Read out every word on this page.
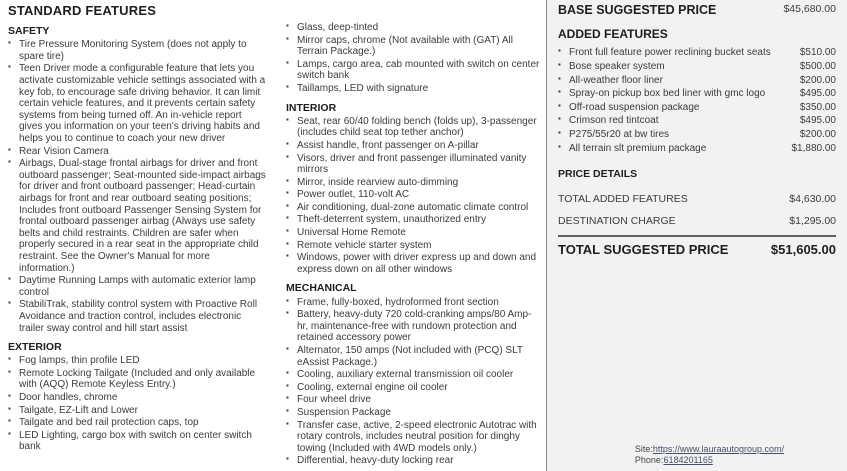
STANDARD FEATURES
SAFETY
▪ Tire Pressure Monitoring System (does not apply to spare tire)
▪ Teen Driver mode a configurable feature that lets you activate customizable vehicle settings associated with a key fob, to encourage safe driving behavior. It can limit certain vehicle features, and it prevents certain safety systems from being turned off. An in-vehicle report gives you information on your teen's driving habits and helps you to continue to coach your new driver
▪ Rear Vision Camera
▪ Airbags, Dual-stage frontal airbags for driver and front outboard passenger; Seat-mounted side-impact airbags for driver and front outboard passenger; Head-curtain airbags for front and rear outboard seating positions; Includes front outboard Passenger Sensing System for frontal outboard passenger airbag (Always use safety belts and child restraints. Children are safer when properly secured in a rear seat in the appropriate child restraint. See the Owner's Manual for more information.)
▪ Daytime Running Lamps with automatic exterior lamp control
▪ StabiliTrak, stability control system with Proactive Roll Avoidance and traction control, includes electronic trailer sway control and hill start assist
EXTERIOR
▪ Fog lamps, thin profile LED
▪ Remote Locking Tailgate (Included and only available with (AQQ) Remote Keyless Entry.)
▪ Door handles, chrome
▪ Tailgate, EZ-Lift and Lower
▪ Tailgate and bed rail protection caps, top
▪ LED Lighting, cargo box with switch on center switch bank
▪ Glass, deep-tinted
▪ Mirror caps, chrome (Not available with (GAT) All Terrain Package.)
▪ Lamps, cargo area, cab mounted with switch on center switch bank
▪ Taillamps, LED with signature
INTERIOR
▪ Seat, rear 60/40 folding bench (folds up), 3-passenger (includes child seat top tether anchor)
▪ Assist handle, front passenger on A-pillar
▪ Visors, driver and front passenger illuminated vanity mirrors
▪ Mirror, inside rearview auto-dimming
▪ Power outlet, 110-volt AC
▪ Air conditioning, dual-zone automatic climate control
▪ Theft-deterrent system, unauthorized entry
▪ Universal Home Remote
▪ Remote vehicle starter system
▪ Windows, power with driver express up and down and express down on all other windows
MECHANICAL
▪ Frame, fully-boxed, hydroformed front section
▪ Battery, heavy-duty 720 cold-cranking amps/80 Amp-hr, maintenance-free with rundown protection and retained accessory power
▪ Alternator, 150 amps (Not included with (PCQ) SLT eAssist Package.)
▪ Cooling, auxiliary external transmission oil cooler
▪ Cooling, external engine oil cooler
▪ Four wheel drive
▪ Suspension Package
▪ Transfer case, active, 2-speed electronic Autotrac with rotary controls, includes neutral position for dinghy towing (Included with 4WD models only.)
▪ Differential, heavy-duty locking rear
BASE SUGGESTED PRICE	$45,680.00
ADDED FEATURES
▪ Front full feature power reclining bucket seats	$510.00
▪ Bose speaker system	$500.00
▪ All-weather floor liner	$200.00
▪ Spray-on pickup box bed liner with gmc logo	$495.00
▪ Off-road suspension package	$350.00
▪ Crimson red tintcoat	$495.00
▪ P275/55r20 at bw tires	$200.00
▪ All terrain slt premium package	$1,880.00
PRICE DETAILS
TOTAL ADDED FEATURES	$4,630.00
DESTINATION CHARGE	$1,295.00
TOTAL SUGGESTED PRICE	$51,605.00
Site:https://www.lauraautogroup.com/
Phone:6184201165
